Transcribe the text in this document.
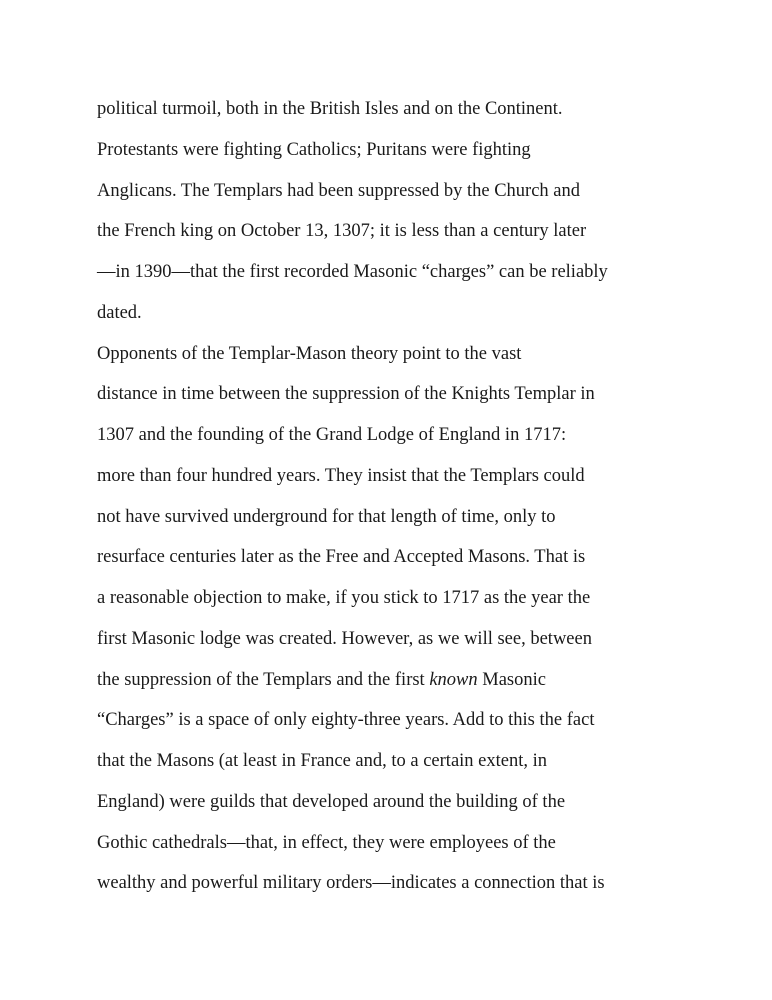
political turmoil, both in the British Isles and on the Continent.
Protestants were fighting Catholics; Puritans were fighting
Anglicans. The Templars had been suppressed by the Church and
the French king on October 13, 1307; it is less than a century later
—in 1390—that the first recorded Masonic “charges” can be reliably
dated.
Opponents of the Templar-Mason theory point to the vast
distance in time between the suppression of the Knights Templar in
1307 and the founding of the Grand Lodge of England in 1717:
more than four hundred years. They insist that the Templars could
not have survived underground for that length of time, only to
resurface centuries later as the Free and Accepted Masons. That is
a reasonable objection to make, if you stick to 1717 as the year the
first Masonic lodge was created. However, as we will see, between
the suppression of the Templars and the first known Masonic
“Charges” is a space of only eighty-three years. Add to this the fact
that the Masons (at least in France and, to a certain extent, in
England) were guilds that developed around the building of the
Gothic cathedrals—that, in effect, they were employees of the
wealthy and powerful military orders—indicates a connection that is
